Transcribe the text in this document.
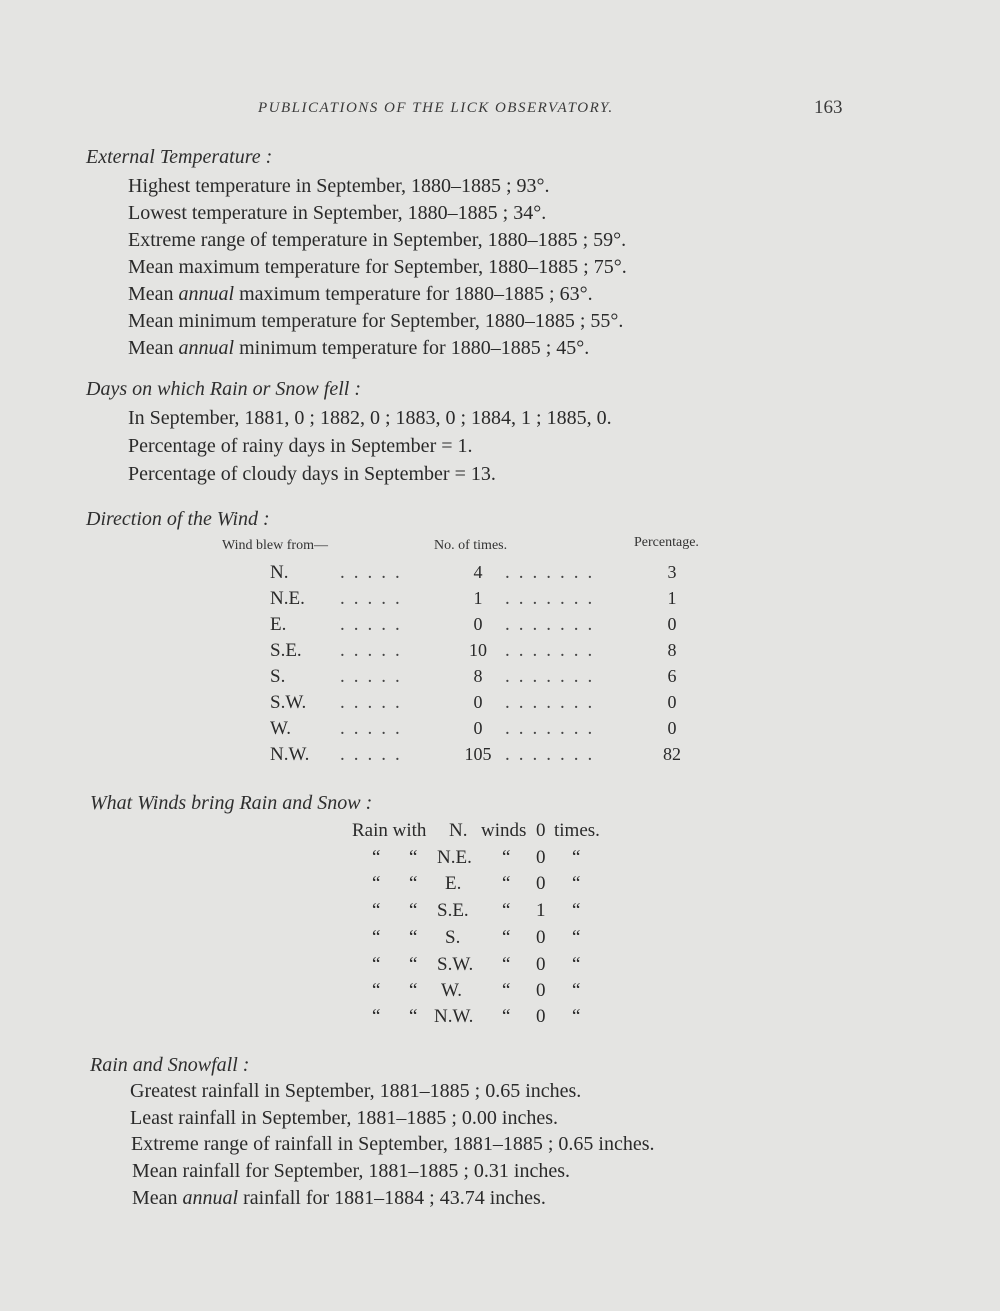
PUBLICATIONS OF THE LICK OBSERVATORY.	163
External Temperature :
Highest temperature in September, 1880–1885 ; 93°.
Lowest temperature in September, 1880–1885 ; 34°.
Extreme range of temperature in September, 1880–1885 ; 59°.
Mean maximum temperature for September, 1880–1885 ; 75°.
Mean annual maximum temperature for 1880–1885 ; 63°.
Mean minimum temperature for September, 1880–1885 ; 55°.
Mean annual minimum temperature for 1880–1885 ; 45°.
Days on which Rain or Snow fell :
In September, 1881, 0 ; 1882, 0 ; 1883, 0 ; 1884, 1 ; 1885, 0.
Percentage of rainy days in September = 1.
Percentage of cloudy days in September = 13.
Direction of the Wind :
Wind blew from—	No. of times.	Percentage.
N.	.....	4	.......	3
N.E. .....	1	.......	1
E.	.....	0	.......	0
S.E. .....	10 .......	8
S.	.....	8	.......	6
S.W. .....	0	.......	0
W.	.....	0	.......	0
N.W. .....	105 .......	82
What Winds bring Rain and Snow :
Rain with N. winds 0 times.
“ “ N.E. “ 0 “
“ “ E. “ 0 “
“ “ S.E. “ 1 “
“ “ S. “ 0 “
“ “ S.W. “ 0 “
“ “ W. “ 0 “
“ “ N.W. “ 0 “
Rain and Snowfall :
Greatest rainfall in September, 1881–1885 ; 0.65 inches.
Least rainfall in September, 1881–1885 ; 0.00 inches.
Extreme range of rainfall in September, 1881–1885 ; 0.65 inches.
Mean rainfall for September, 1881–1885 ; 0.31 inches.
Mean annual rainfall for 1881–1884 ; 43.74 inches.
